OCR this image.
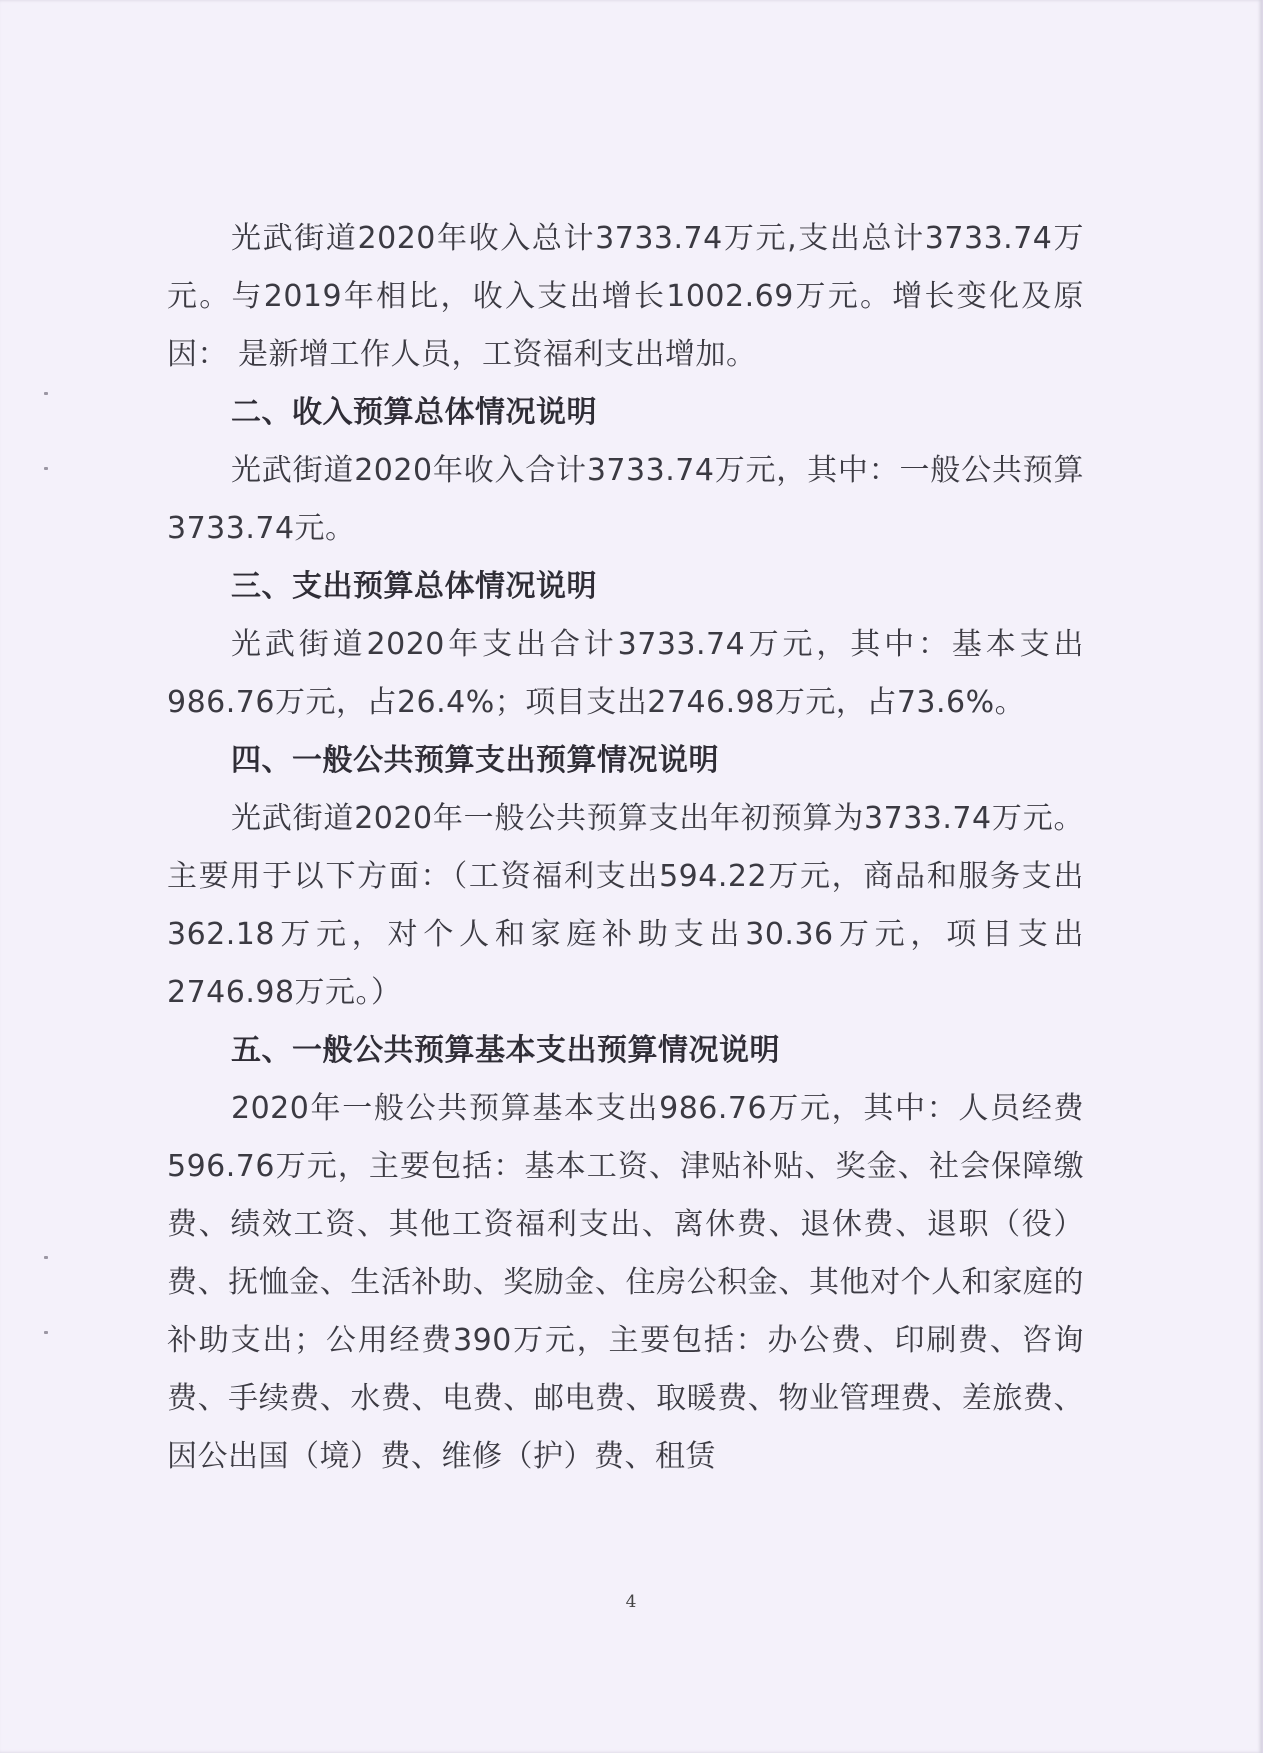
光武街道2020年收入总计3733.74万元,支出总计3733.74万元。与2019年相比，收入支出增长1002.69万元。增长变化及原因： 是新增工作人员，工资福利支出增加。

二、收入预算总体情况说明

光武街道2020年收入合计3733.74万元，其中：一般公共预算3733.74元。

三、支出预算总体情况说明

光武街道2020年支出合计3733.74万元，其中：基本支出986.76万元，占26.4%；项目支出2746.98万元，占73.6%。

四、一般公共预算支出预算情况说明

光武街道2020年一般公共预算支出年初预算为3733.74万元。主要用于以下方面：（工资福利支出594.22万元，商品和服务支出362.18万元，对个人和家庭补助支出30.36万元，项目支出2746.98万元。）

五、一般公共预算基本支出预算情况说明

2020年一般公共预算基本支出986.76万元，其中：人员经费596.76万元，主要包括：基本工资、津贴补贴、奖金、社会保障缴费、绩效工资、其他工资福利支出、离休费、退休费、退职（役）费、抚恤金、生活补助、奖励金、住房公积金、其他对个人和家庭的补助支出；公用经费390万元，主要包括：办公费、印刷费、咨询费、手续费、水费、电费、邮电费、取暖费、物业管理费、差旅费、因公出国（境）费、维修（护）费、租赁

4
